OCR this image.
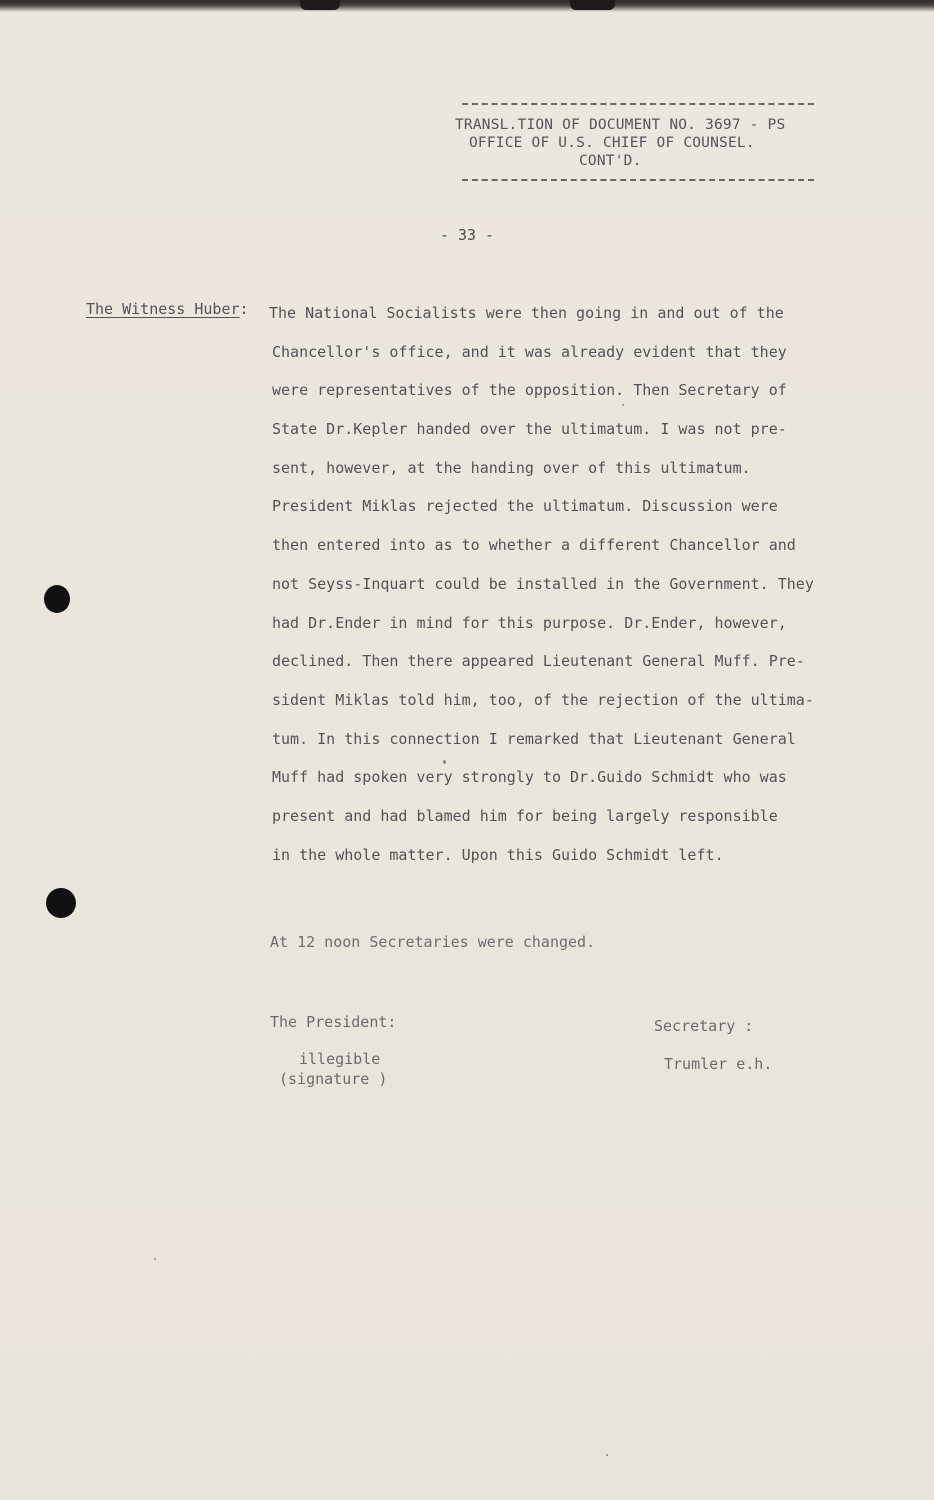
TRANSL.TION OF DOCUMENT NO. 3697 - PS
OFFICE OF U.S. CHIEF OF COUNSEL.
CONT'D.
- 33 -
The Witness Huber: The National Socialists were then going in and out of the
Chancellor's office, and it was already evident that they
were representatives of the opposition. Then Secretary of
State Dr.Kepler handed over the ultimatum. I was not pre-
sent, however, at the handing over of this ultimatum.
President Miklas rejected the ultimatum. Discussion were
then entered into as to whether a different Chancellor and
not Seyss-Inquart could be installed in the Government. They
had Dr.Ender in mind for this purpose. Dr.Ender, however,
declined. Then there appeared Lieutenant General Muff. Pre-
sident Miklas told him, too, of the rejection of the ultima-
tum. In this connection I remarked that Lieutenant General
Muff had spoken very strongly to Dr.Guido Schmidt who was
present and had blamed him for being largely responsible
in the whole matter. Upon this Guido Schmidt left.
At 12 noon Secretaries were changed.
The President:
illegible
(signature )
Secretary :
Trumler e.h.
